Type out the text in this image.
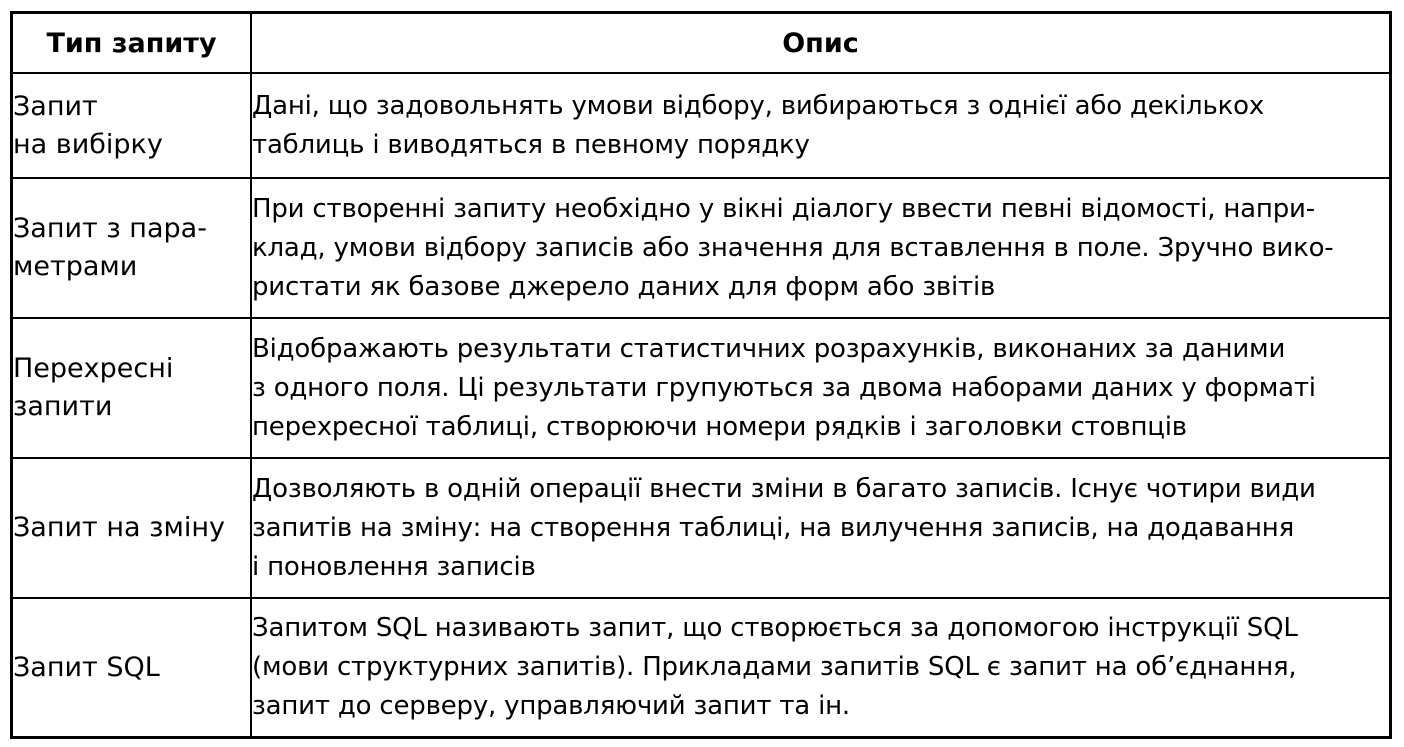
Тип запиту	Опис

Запит
на вибірку	Дані, що задовольнять умови відбору, вибираються з однієї або декількох
таблиць і виводяться в певному порядку

Запит з пара-
метрами	При створенні запиту необхідно у вікні діалогу ввести певні відомості, напри-
клад, умови відбору записів або значення для вставлення в поле. Зручно вико-
ристати як базове джерело даних для форм або звітів

Перехресні
запити	Відображають результати статистичних розрахунків, виконаних за даними
з одного поля. Ці результати групуються за двома наборами даних у форматі
перехресної таблиці, створюючи номери рядків і заголовки стовпців

Запит на зміну	Дозволяють в одній операції внести зміни в багато записів. Існує чотири види
запитів на зміну: на створення таблиці, на вилучення записів, на додавання
і поновлення записів

Запит SQL	Запитом SQL називають запит, що створюється за допомогою інструкції SQL
(мови структурних запитів). Прикладами запитів SQL є запит на об’єднання,
запит до серверу, управляючий запит та ін.
